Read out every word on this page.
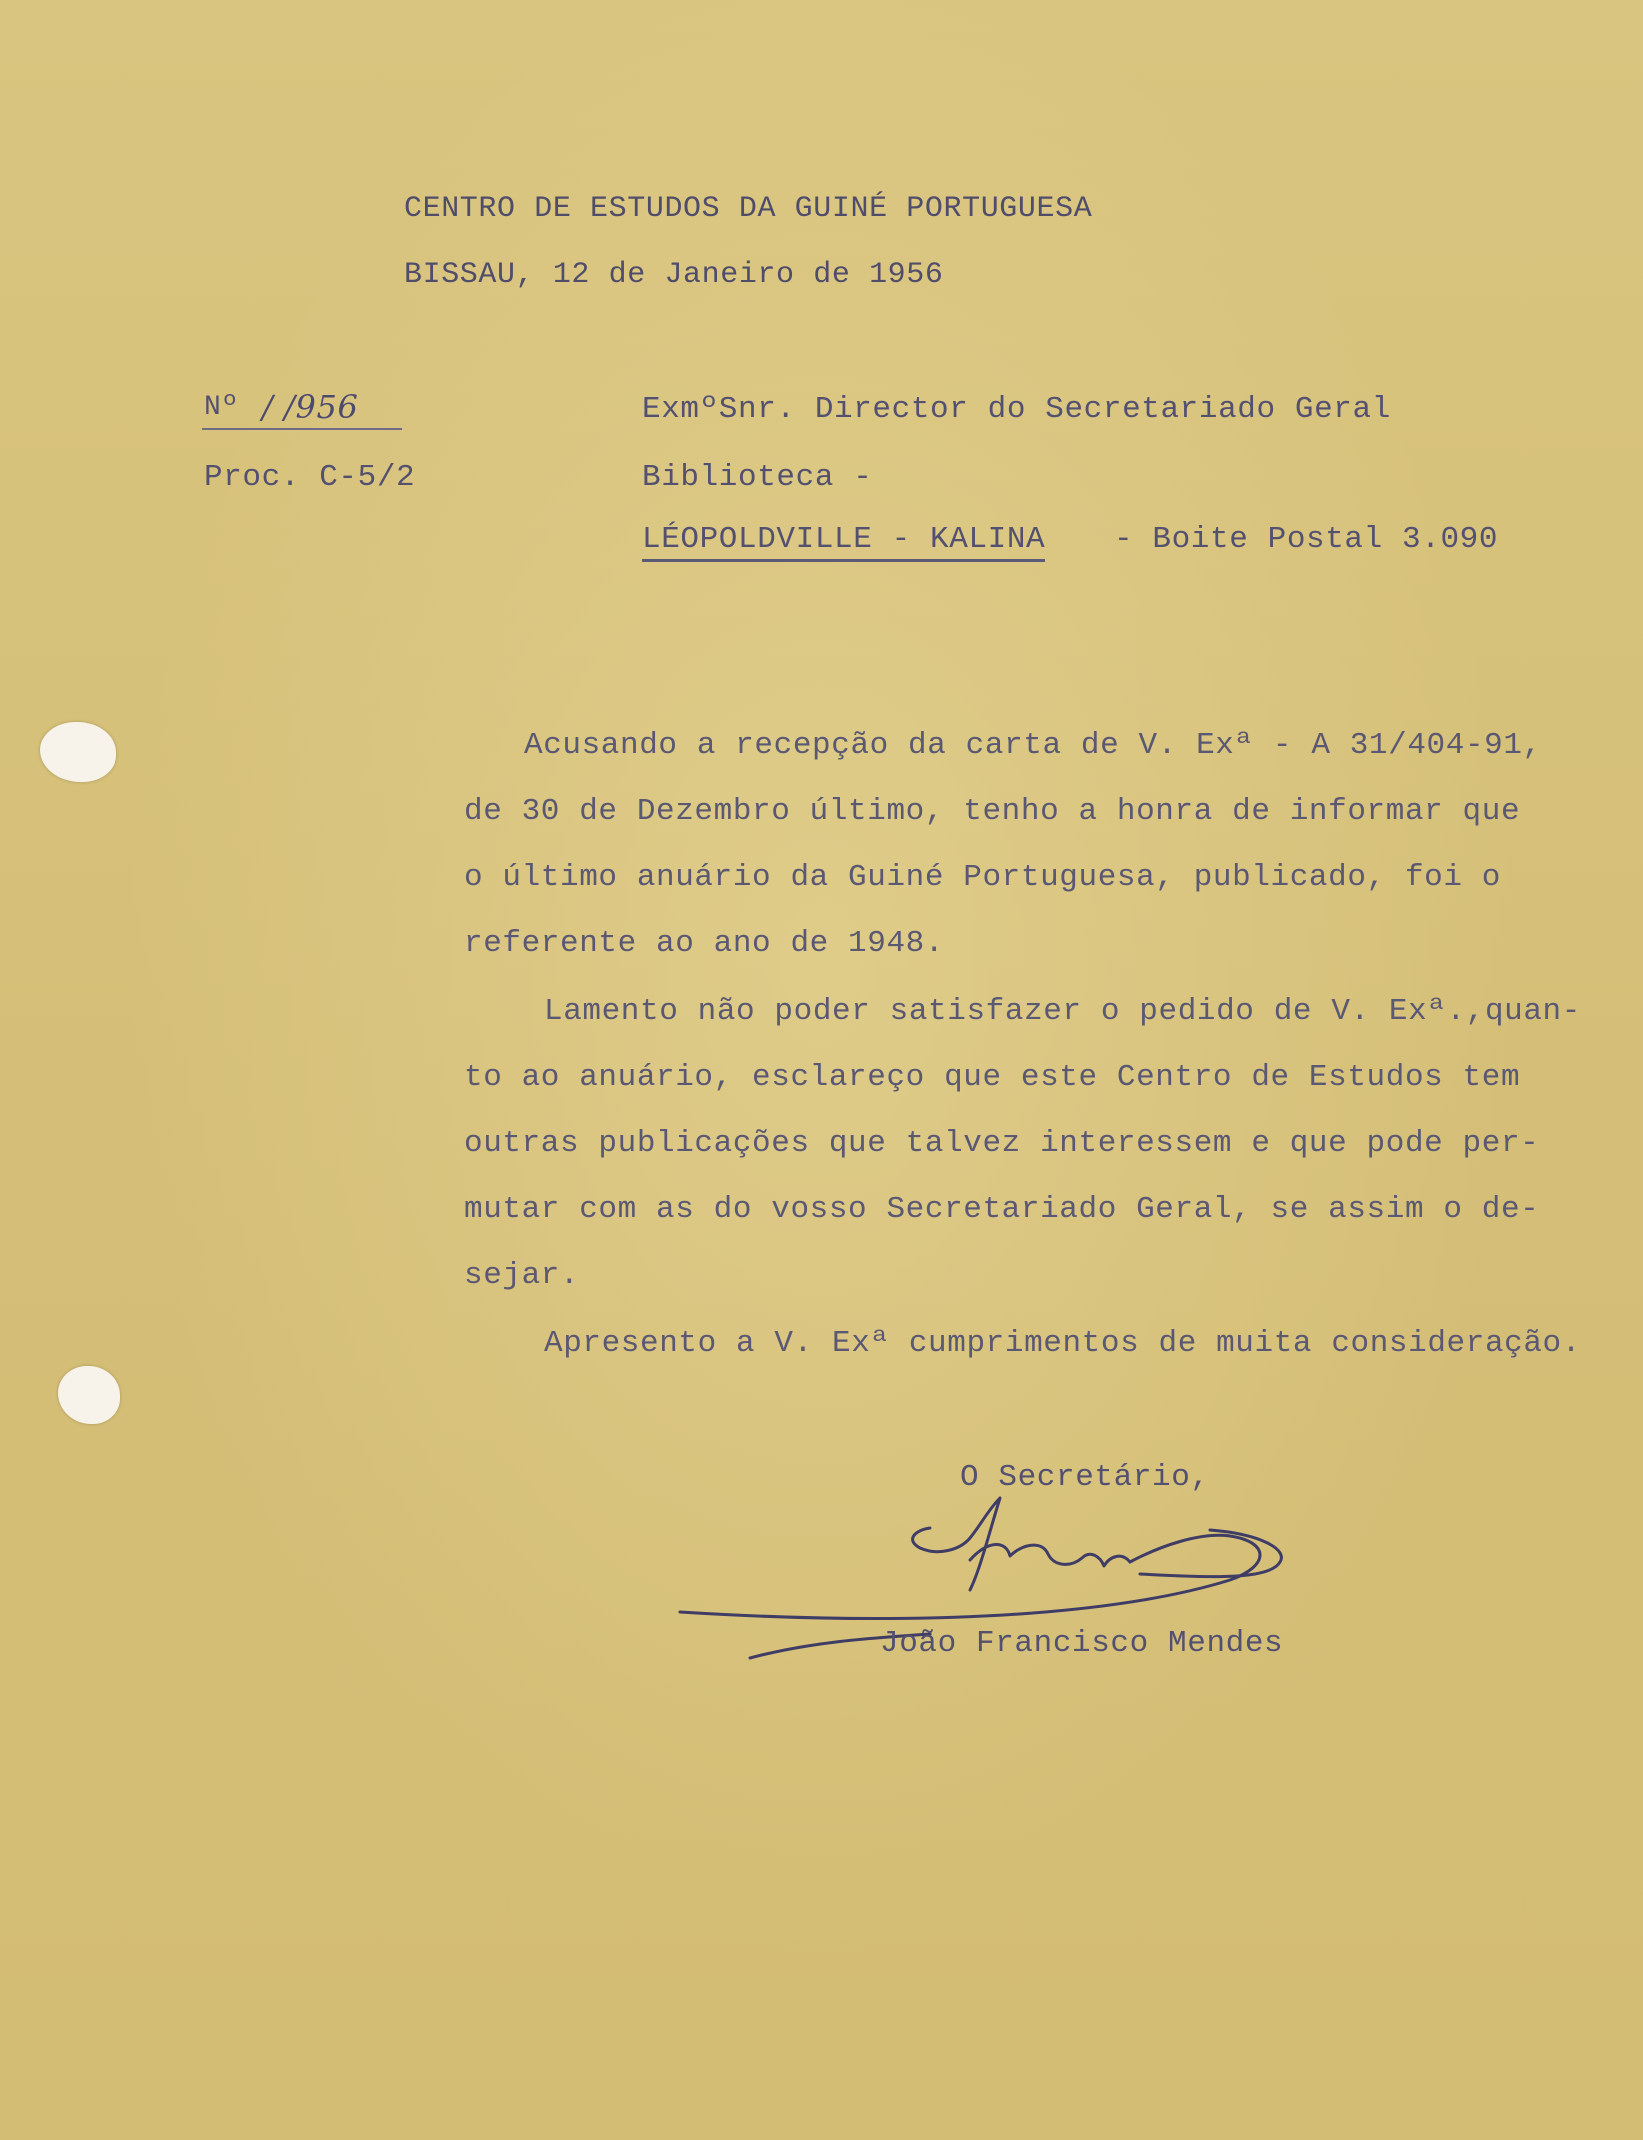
CENTRO DE ESTUDOS DA GUINÉ PORTUGUESA
BISSAU, 12 de Janeiro de 1956
Nº / /956
Proc. C-5/2
ExmºSnr. Director do Secretariado Geral
Biblioteca -
LÉOPOLDVILLE - KALINA - Boite Postal 3.090
Acusando a recepção da carta de V. Exª - A 31/404-91,
de 30 de Dezembro último, tenho a honra de informar que
o último anuário da Guiné Portuguesa, publicado, foi o
referente ao ano de 1948.
Lamento não poder satisfazer o pedido de V. Exª.,quan-
to ao anuário, esclareço que este Centro de Estudos tem
outras publicações que talvez interessem e que pode per-
mutar com as do vosso Secretariado Geral, se assim o de-
sejar.
Apresento a V. Exª cumprimentos de muita consideração.
O Secretário,
João Francisco Mendes
